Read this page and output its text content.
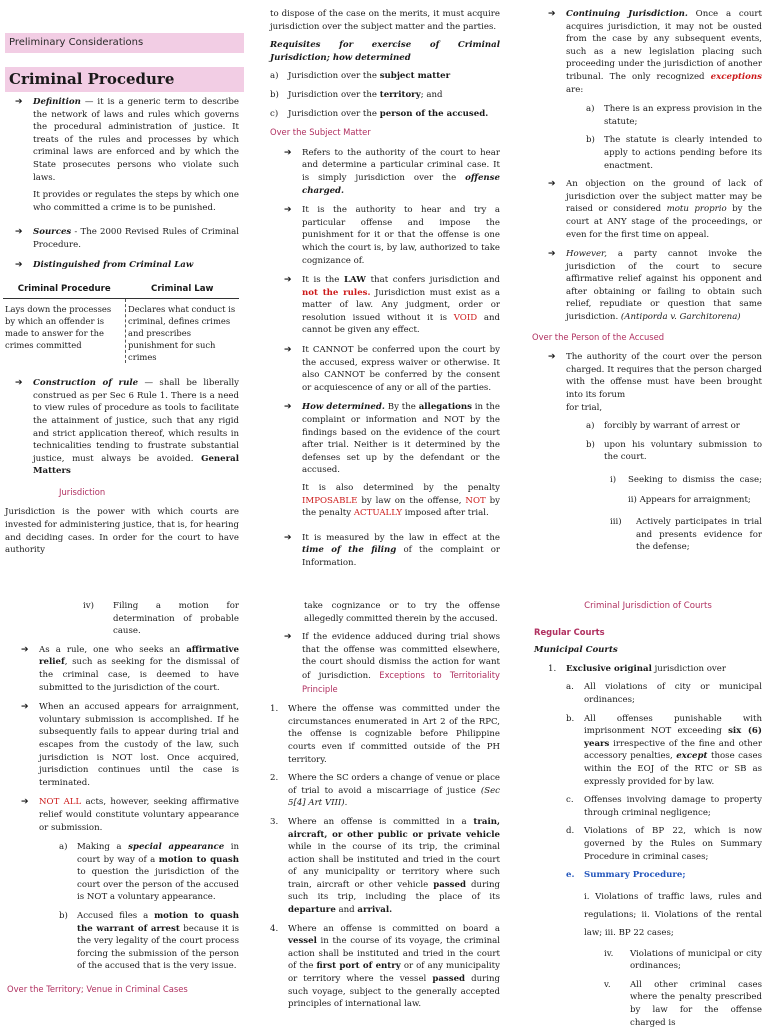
Preliminary Considerations
Criminal Procedure
➔	Definition — it is a generic term to describe the network of laws and rules which governs the procedural administration of justice. It treats of the rules and processes by which criminal laws are enforced and by which the State prosecutes persons who violate such laws.

It provides or regulates the steps by which one who committed a crime is to be punished.

➔	Sources - The 2000 Revised Rules of Criminal Procedure.
➔	Distinguished from Criminal Law
Criminal Procedure	Criminal Law
Lays down the processes by which an offender is made to answer for the crimes committed	Declares what conduct is criminal, defines crimes and prescribes punishment for such crimes
➔	Construction of rule — shall be liberally construed as per Sec 6 Rule 1. There is a need to view rules of procedure as tools to facilitate the attainment of justice, such that any rigid and strict application thereof, which results in technicalities tending to frustrate substantial justice, must always be avoided. General Matters
Jurisdiction

Jurisdiction is the power with which courts are invested for administering justice, that is, for hearing and deciding cases. In order for the court to have authority

to dispose of the case on the merits, it must acquire jurisdiction over the subject matter and the parties.

Requisites for exercise of Criminal Jurisdiction; how determined

a)	Jurisdiction over the subject matter
b)	Jurisdiction over the territory; and
c)	Jurisdiction over the person of the accused.
Over the Subject Matter
➔	Refers to the authority of the court to hear and determine a particular criminal case. It is simply jurisdiction over the offense charged.
➔	It is the authority to hear and try a particular offense and impose the punishment for it or that the offense is one which the court is, by law, authorized to take cognizance of.
➔	It is the LAW that confers jurisdiction and not the rules. Jurisdiction must exist as a matter of law. Any judgment, order or resolution issued without it is VOID and cannot be given any effect.
➔	It CANNOT be conferred upon the court by the accused, express waiver or otherwise. It also CANNOT be conferred by the consent or acquiescence of any or all of the parties.
➔	How determined. By the allegations in the complaint or information and NOT by the findings based on the evidence of the court after trial. Neither is it determined by the defenses set up by the defendant or the accused.

It is also determined by the penalty IMPOSABLE by law on the offense, NOT by the penalty ACTUALLY imposed after trial.

➔	It is measured by the law in effect at the time of the filing of the complaint or Information.
➔	Continuing Jurisdiction. Once a court acquires jurisdiction, it may not be ousted from the case by any subsequent events, such as a new legislation placing such proceeding under the jurisdiction of another tribunal. The only recognized exceptions are:
a)	There is an express provision in the statute;
b)	The statute is clearly intended to apply to actions pending before its enactment.
➔	An objection on the ground of lack of jurisdiction over the subject matter may be raised or considered motu proprio by the court at ANY stage of the proceedings, or even for the first time on appeal.
➔	However, a party cannot invoke the jurisdiction of the court to secure affirmative relief against his opponent and after obtaining or failing to obtain such relief, repudiate or question that same jurisdiction. (Antiporda v. Garchitorena)
Over the Person of the Accused
➔	The authority of the court over the person charged. It requires that the person charged with the offense must have been brought into its forum

for trial,

a)	forcibly by warrant of arrest or
b)	upon his voluntary submission to the court.
i)	Seeking to dismiss the case; ii) Appears for arraignment;
iii)	Actively participates in trial and presents evidence for the defense;
iv)	Filing a motion for determination of probable cause.
➔	As a rule, one who seeks an affirmative relief, such as seeking for the dismissal of the criminal case, is deemed to have submitted to the jurisdiction of the court.
➔	When an accused appears for arraignment, voluntary submission is accomplished. If he subsequently fails to appear during trial and escapes from the custody of the law, such jurisdiction is NOT lost. Once acquired, jurisdiction continues until the case is terminated.
➔	NOT ALL acts, however, seeking affirmative relief would constitute voluntary appearance or submission.
a)	Making a special appearance in court by way of a motion to quash to question the jurisdiction of the court over the person of the accused is NOT a voluntary appearance.
b)	Accused files a motion to quash the warrant of arrest because it is the very legality of the court process forcing the submission of the person of the accused that is the very issue.
Over the Territory; Venue in Criminal Cases

take cognizance or to try the offense allegedly committed therein by the accused.

➔	If the evidence adduced during trial shows that the offense was committed elsewhere, the court should dismiss the action for want of jurisdiction. Exceptions to Territoriality Principle
1.	Where the offense was committed under the circumstances enumerated in Art 2 of the RPC, the offense is cognizable before Philippine courts even if committed outside of the PH territory.
2.	Where the SC orders a change of venue or place of trial to avoid a miscarriage of justice (Sec 5[4] Art VIII).
3.	Where an offense is committed in a train, aircraft, or other public or private vehicle while in the course of its trip, the criminal action shall be instituted and tried in the court of any municipality or territory where such train, aircraft or other vehicle passed during such its trip, including the place of its departure and arrival.
4.	Where an offense is committed on board a vessel in the course of its voyage, the criminal action shall be instituted and tried in the court of the first port of entry or of any municipality or territory where the vessel passed during such voyage, subject to the generally accepted principles of international law.
Criminal Jurisdiction of Courts
Regular Courts

Municipal Courts

1.	Exclusive original jurisdiction over
a.	All violations of city or municipal ordinances;
b.	All offenses punishable with imprisonment NOT exceeding six (6) years irrespective of the fine and other accessory penalties, except those cases within the EOJ of the RTC or SB as expressly provided for by law.
c.	Offenses involving damage to property through criminal negligence;
d.	Violations of BP 22, which is now governed by the Rules on Summary Procedure in criminal cases;
e.	Summary Procedure;
i. Violations of traffic laws, rules and regulations; ii. Violations of the rental law; iii. BP 22 cases;
iv.	Violations of municipal or city ordinances;
v.	All other criminal cases where the penalty prescribed by law for the offense charged is
